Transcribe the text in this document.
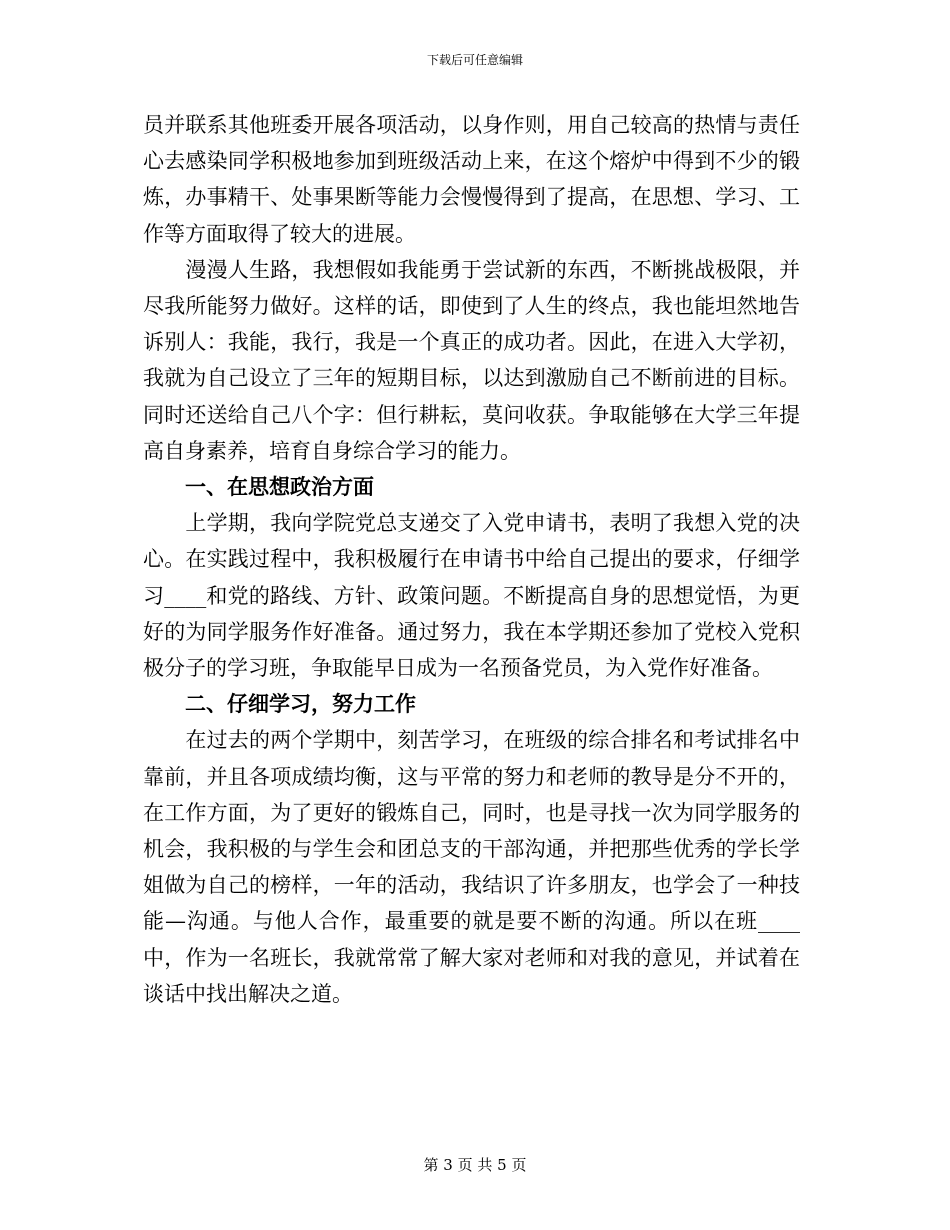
下载后可任意编辑

员并联系其他班委开展各项活动，以身作则，用自己较高的热情与责任心去感染同学积极地参加到班级活动上来，在这个熔炉中得到不少的锻炼，办事精干、处事果断等能力会慢慢得到了提高，在思想、学习、工作等方面取得了较大的进展。

　　漫漫人生路，我想假如我能勇于尝试新的东西，不断挑战极限，并尽我所能努力做好。这样的话，即使到了人生的终点，我也能坦然地告诉别人：我能，我行，我是一个真正的成功者。因此，在进入大学初，我就为自己设立了三年的短期目标，以达到激励自己不断前进的目标。同时还送给自己八个字：但行耕耘，莫问收获。争取能够在大学三年提高自身素养，培育自身综合学习的能力。

　　一、在思想政治方面

　　上学期，我向学院党总支递交了入党申请书，表明了我想入党的决心。在实践过程中，我积极履行在申请书中给自己提出的要求，仔细学习____和党的路线、方针、政策问题。不断提高自身的思想觉悟，为更好的为同学服务作好准备。通过努力，我在本学期还参加了党校入党积极分子的学习班，争取能早日成为一名预备党员，为入党作好准备。

　　二、仔细学习，努力工作

　　在过去的两个学期中，刻苦学习，在班级的综合排名和考试排名中靠前，并且各项成绩均衡，这与平常的努力和老师的教导是分不开的，在工作方面，为了更好的锻炼自己，同时，也是寻找一次为同学服务的机会，我积极的与学生会和团总支的干部沟通，并把那些优秀的学长学姐做为自己的榜样，一年的活动，我结识了许多朋友，也学会了一种技能—沟通。与他人合作，最重要的就是要不断的沟通。所以在班____中，作为一名班长，我就常常了解大家对老师和对我的意见，并试着在谈话中找出解决之道。

第 3 页 共 5 页
